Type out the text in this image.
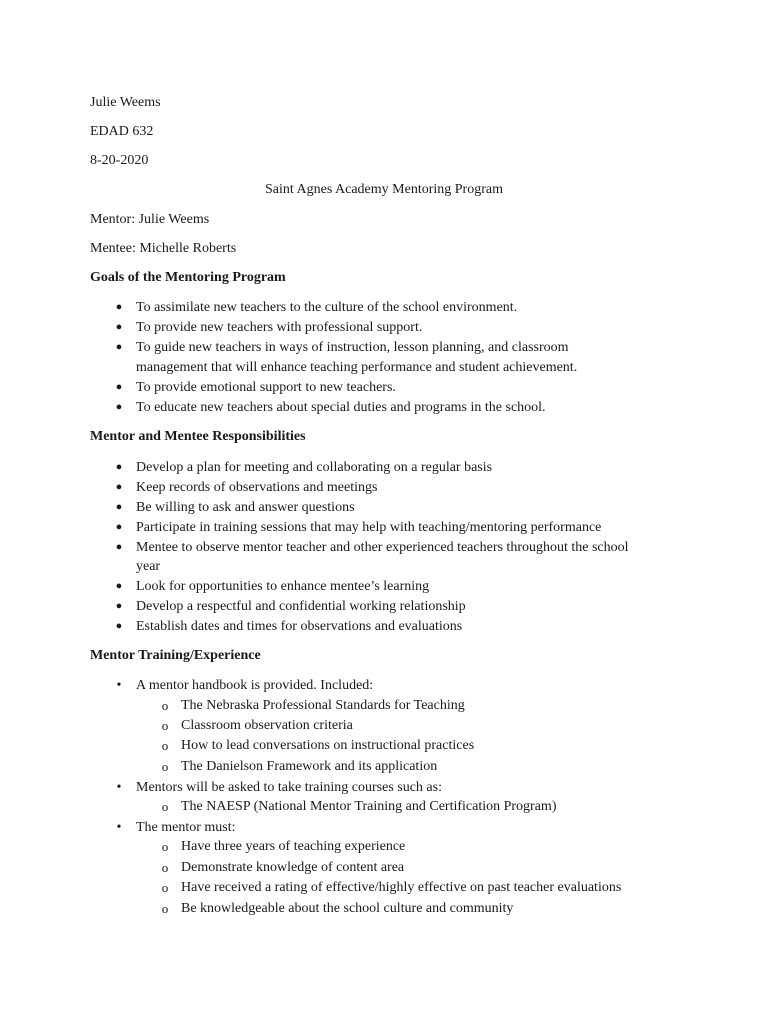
Julie Weems
EDAD 632
8-20-2020
Saint Agnes Academy Mentoring Program
Mentor: Julie Weems
Mentee: Michelle Roberts
Goals of the Mentoring Program
● To assimilate new teachers to the culture of the school environment.
● To provide new teachers with professional support.
● To guide new teachers in ways of instruction, lesson planning, and classroom
management that will enhance teaching performance and student achievement.
● To provide emotional support to new teachers.
● To educate new teachers about special duties and programs in the school.
Mentor and Mentee Responsibilities
● Develop a plan for meeting and collaborating on a regular basis
● Keep records of observations and meetings
● Be willing to ask and answer questions
● Participate in training sessions that may help with teaching/mentoring performance
● Mentee to observe mentor teacher and other experienced teachers throughout the school
year
● Look for opportunities to enhance mentee’s learning
● Develop a respectful and confidential working relationship
● Establish dates and times for observations and evaluations
Mentor Training/Experience
• A mentor handbook is provided. Included:
o The Nebraska Professional Standards for Teaching
o Classroom observation criteria
o How to lead conversations on instructional practices
o The Danielson Framework and its application
• Mentors will be asked to take training courses such as:
o The NAESP (National Mentor Training and Certification Program)
• The mentor must:
o Have three years of teaching experience
o Demonstrate knowledge of content area
o Have received a rating of effective/highly effective on past teacher evaluations
o Be knowledgeable about the school culture and community
